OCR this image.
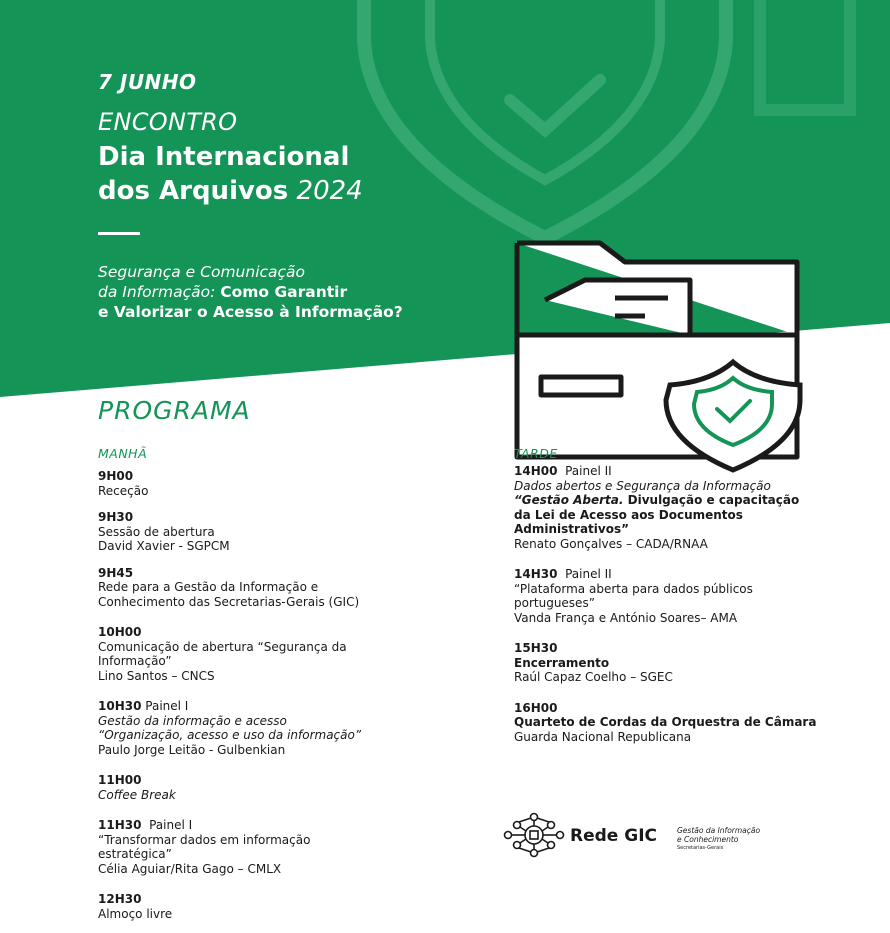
7 JUNHO
ENCONTRO
Dia Internacional
dos Arquivos 2024
Segurança e Comunicação
da Informação: Como Garantir
e Valorizar o Acesso à Informação?
PROGRAMA
MANHÃ
9H00
Receção
9H30
Sessão de abertura
David Xavier - SGPCM
9H45
Rede para a Gestão da Informação e
Conhecimento das Secretarias-Gerais (GIC)
10H00
Comunicação de abertura “Segurança da
Informação”
Lino Santos – CNCS
10H30 Painel I
Gestão da informação e acesso
“Organização, acesso e uso da informação”
Paulo Jorge Leitão - Gulbenkian
11H00
Coffee Break
11H30 Painel I
“Transformar dados em informação
estratégica”
Célia Aguiar/Rita Gago – CMLX
12H30
Almoço livre
TARDE
14H00 Painel II
Dados abertos e Segurança da Informação
“Gestão Aberta. Divulgação e capacitação
da Lei de Acesso aos Documentos
Administrativos”
Renato Gonçalves – CADA/RNAA
14H30 Painel II
“Plataforma aberta para dados públicos
portugueses”
Vanda França e António Soares– AMA
15H30
Encerramento
Raúl Capaz Coelho – SGEC
16H00
Quarteto de Cordas da Orquestra de Câmara
Guarda Nacional Republicana
Rede GIC	Gestão da Informação
e Conhecimento
Secretarias-Gerais
